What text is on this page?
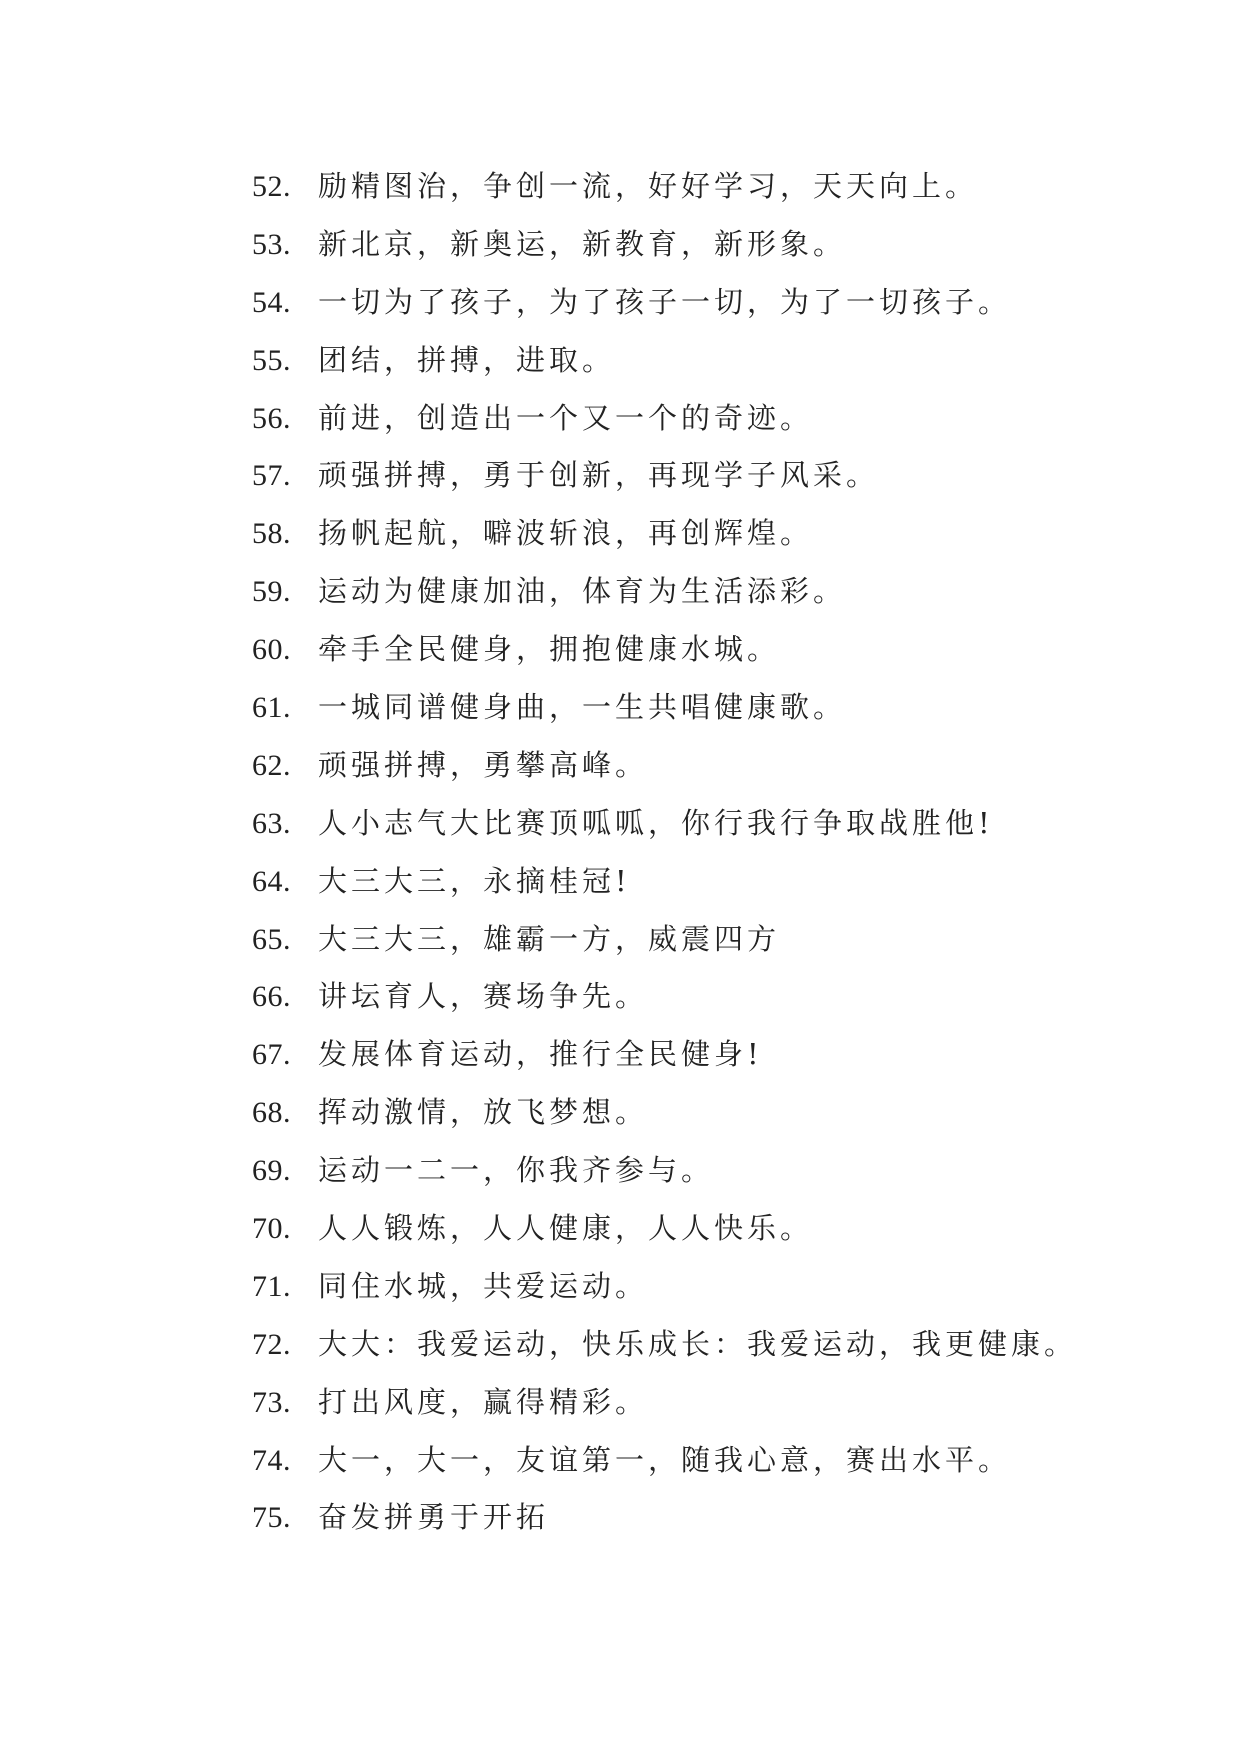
52. 励精图治，争创一流，好好学习，天天向上。
53. 新北京，新奥运，新教育，新形象。
54. 一切为了孩子，为了孩子一切，为了一切孩子。
55. 团结，拼搏，进取。
56. 前进，创造出一个又一个的奇迹。
57. 顽强拼搏，勇于创新，再现学子风采。
58. 扬帆起航，噼波斩浪，再创辉煌。
59. 运动为健康加油，体育为生活添彩。
60. 牵手全民健身，拥抱健康水城。
61. 一城同谱健身曲，一生共唱健康歌。
62. 顽强拼搏，勇攀高峰。
63. 人小志气大比赛顶呱呱，你行我行争取战胜他!
64. 大三大三，永摘桂冠!
65. 大三大三，雄霸一方，威震四方
66. 讲坛育人，赛场争先。
67. 发展体育运动，推行全民健身!
68. 挥动激情，放飞梦想。
69. 运动一二一，你我齐参与。
70. 人人锻炼，人人健康，人人快乐。
71. 同住水城，共爱运动。
72. 大大：我爱运动，快乐成长：我爱运动，我更健康。
73. 打出风度，赢得精彩。
74. 大一，大一，友谊第一，随我心意，赛出水平。
75. 奋发拼勇于开拓
